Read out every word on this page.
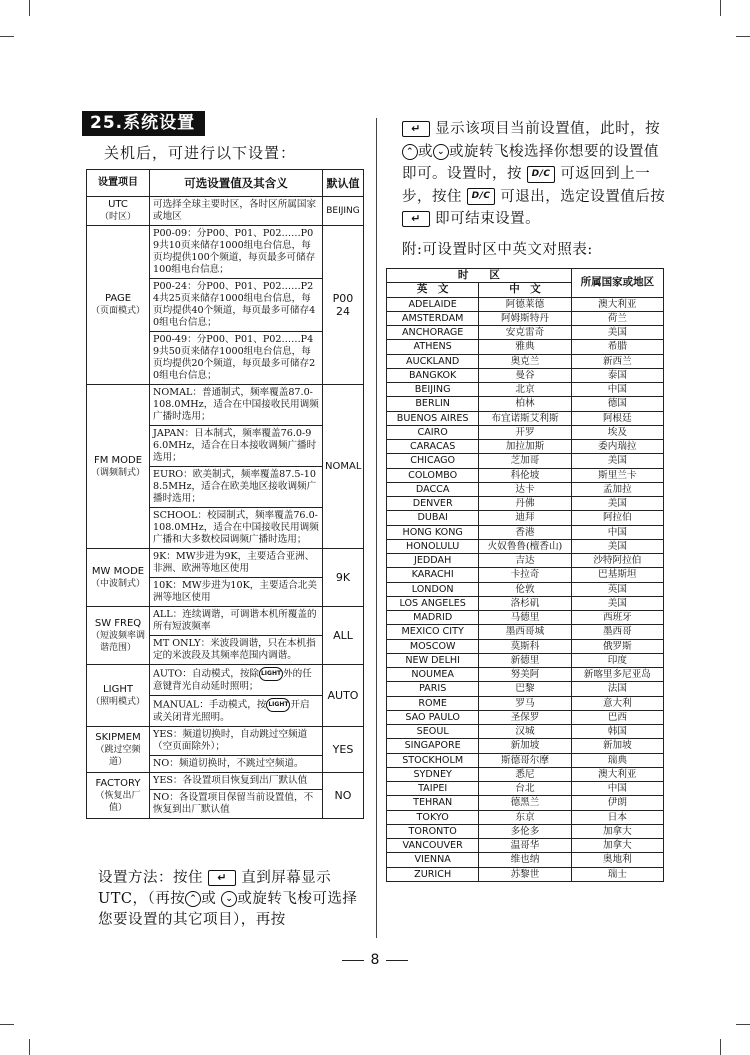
25.系统设置
关机后，可进行以下设置：
设置项目	可选设置值及其含义	默认值
UTC
（时区）	可选择全球主要时区，各时区所属国家或地区	BEIJING
PAGE
（页面模式）	P00-09：分P00、P01、P02……P09共10页来储存1000组电台信息，每页均提供100个频道，每页最多可储存100组电台信息；	P00 24
	P00-24：分P00、P01、P02……P24共25页来储存1000组电台信息，每页均提供40个频道，每页最多可储存40组电台信息；	
	P00-49：分P00、P01、P02……P49共50页来储存1000组电台信息，每页均提供20个频道，每页最多可储存20组电台信息；	
FM MODE
（调频制式）	NOMAL：普通制式，频率覆盖87.0-108.0MHz，适合在中国接收民用调频广播时选用；	NOMAL
	JAPAN：日本制式，频率覆盖76.0-96.0MHz，适合在日本接收调频广播时选用；	
	EURO：欧美制式，频率覆盖87.5-108.5MHz，适合在欧美地区接收调频广播时选用；	
	SCHOOL：校园制式，频率覆盖76.0-108.0MHz，适合在中国接收民用调频广播和大多数校园调频广播时选用；	
MW MODE
（中波制式）	9K：MW步进为9K，主要适合亚洲、非洲、欧洲等地区使用	9K
	10K：MW步进为10K，主要适合北美洲等地区使用	
SW FREQ
（短波频率调谐范围）	ALL：连续调谐，可调谐本机所覆盖的所有短波频率	ALL
	MT ONLY：米波段调谐，只在本机指定的米波段及其频率范围内调谐。	
LIGHT
（照明模式）	AUTO：自动模式，按除 LIGHT 外的任意键背光自动延时照明；	AUTO
	MANUAL：手动模式，按 LIGHT 开启或关闭背光照明。	
SKIPMEM
（跳过空频道）	YES：频道切换时，自动跳过空频道（空页面除外）；	YES
	NO：频道切换时，不跳过空频道。	
FACTORY
（恢复出厂值）	YES：各设置项目恢复到出厂默认值	NO
	NO：各设置项目保留当前设置值，不恢复到出厂默认值	
设置方法：按住 ↵ 直到屏幕显示UTC，（再按 ⌃ 或 ⌄ 或旋转飞梭可选择您要设置的其它项目），再按
↵ 显示该项目当前设置值，此时，按⌃ 或 ⌄ 或旋转飞梭选择你想要的设置值即可。设置时，按 D/C 可返回到上一步，按住 D/C 可退出，选定设置值后按 ↵ 即可结束设置。
附:可设置时区中英文对照表:
时　　区		所属国家或地区
英　文	中　文	
ADELAIDE	阿德莱德	澳大利亚
AMSTERDAM	阿姆斯特丹	荷兰
ANCHORAGE	安克雷奇	美国
ATHENS	雅典	希腊
AUCKLAND	奥克兰	新西兰
BANGKOK	曼谷	泰国
BEIJING	北京	中国
BERLIN	柏林	德国
BUENOS AIRES	布宜诺斯艾利斯	阿根廷
CAIRO	开罗	埃及
CARACAS	加拉加斯	委内瑞拉
CHICAGO	芝加哥	美国
COLOMBO	科伦坡	斯里兰卡
DACCA	达卡	孟加拉
DENVER	丹佛	美国
DUBAI	迪拜	阿拉伯
HONG KONG	香港	中国
HONOLULU	火奴鲁鲁(檀香山)	美国
JEDDAH	吉达	沙特阿拉伯
KARACHI	卡拉奇	巴基斯坦
LONDON	伦敦	英国
LOS ANGELES	洛杉矶	美国
MADRID	马德里	西班牙
MEXICO CITY	墨西哥城	墨西哥
MOSCOW	莫斯科	俄罗斯
NEW DELHI	新德里	印度
NOUMEA	努美阿	新喀里多尼亚岛
PARIS	巴黎	法国
ROME	罗马	意大利
SAO PAULO	圣保罗	巴西
SEOUL	汉城	韩国
SINGAPORE	新加坡	新加坡
STOCKHOLM	斯德哥尔摩	瑞典
SYDNEY	悉尼	澳大利亚
TAIPEI	台北	中国
TEHRAN	德黑兰	伊朗
TOKYO	东京	日本
TORONTO	多伦多	加拿大
VANCOUVER	温哥华	加拿大
VIENNA	维也纳	奥地利
ZURICH	苏黎世	瑞士
8
